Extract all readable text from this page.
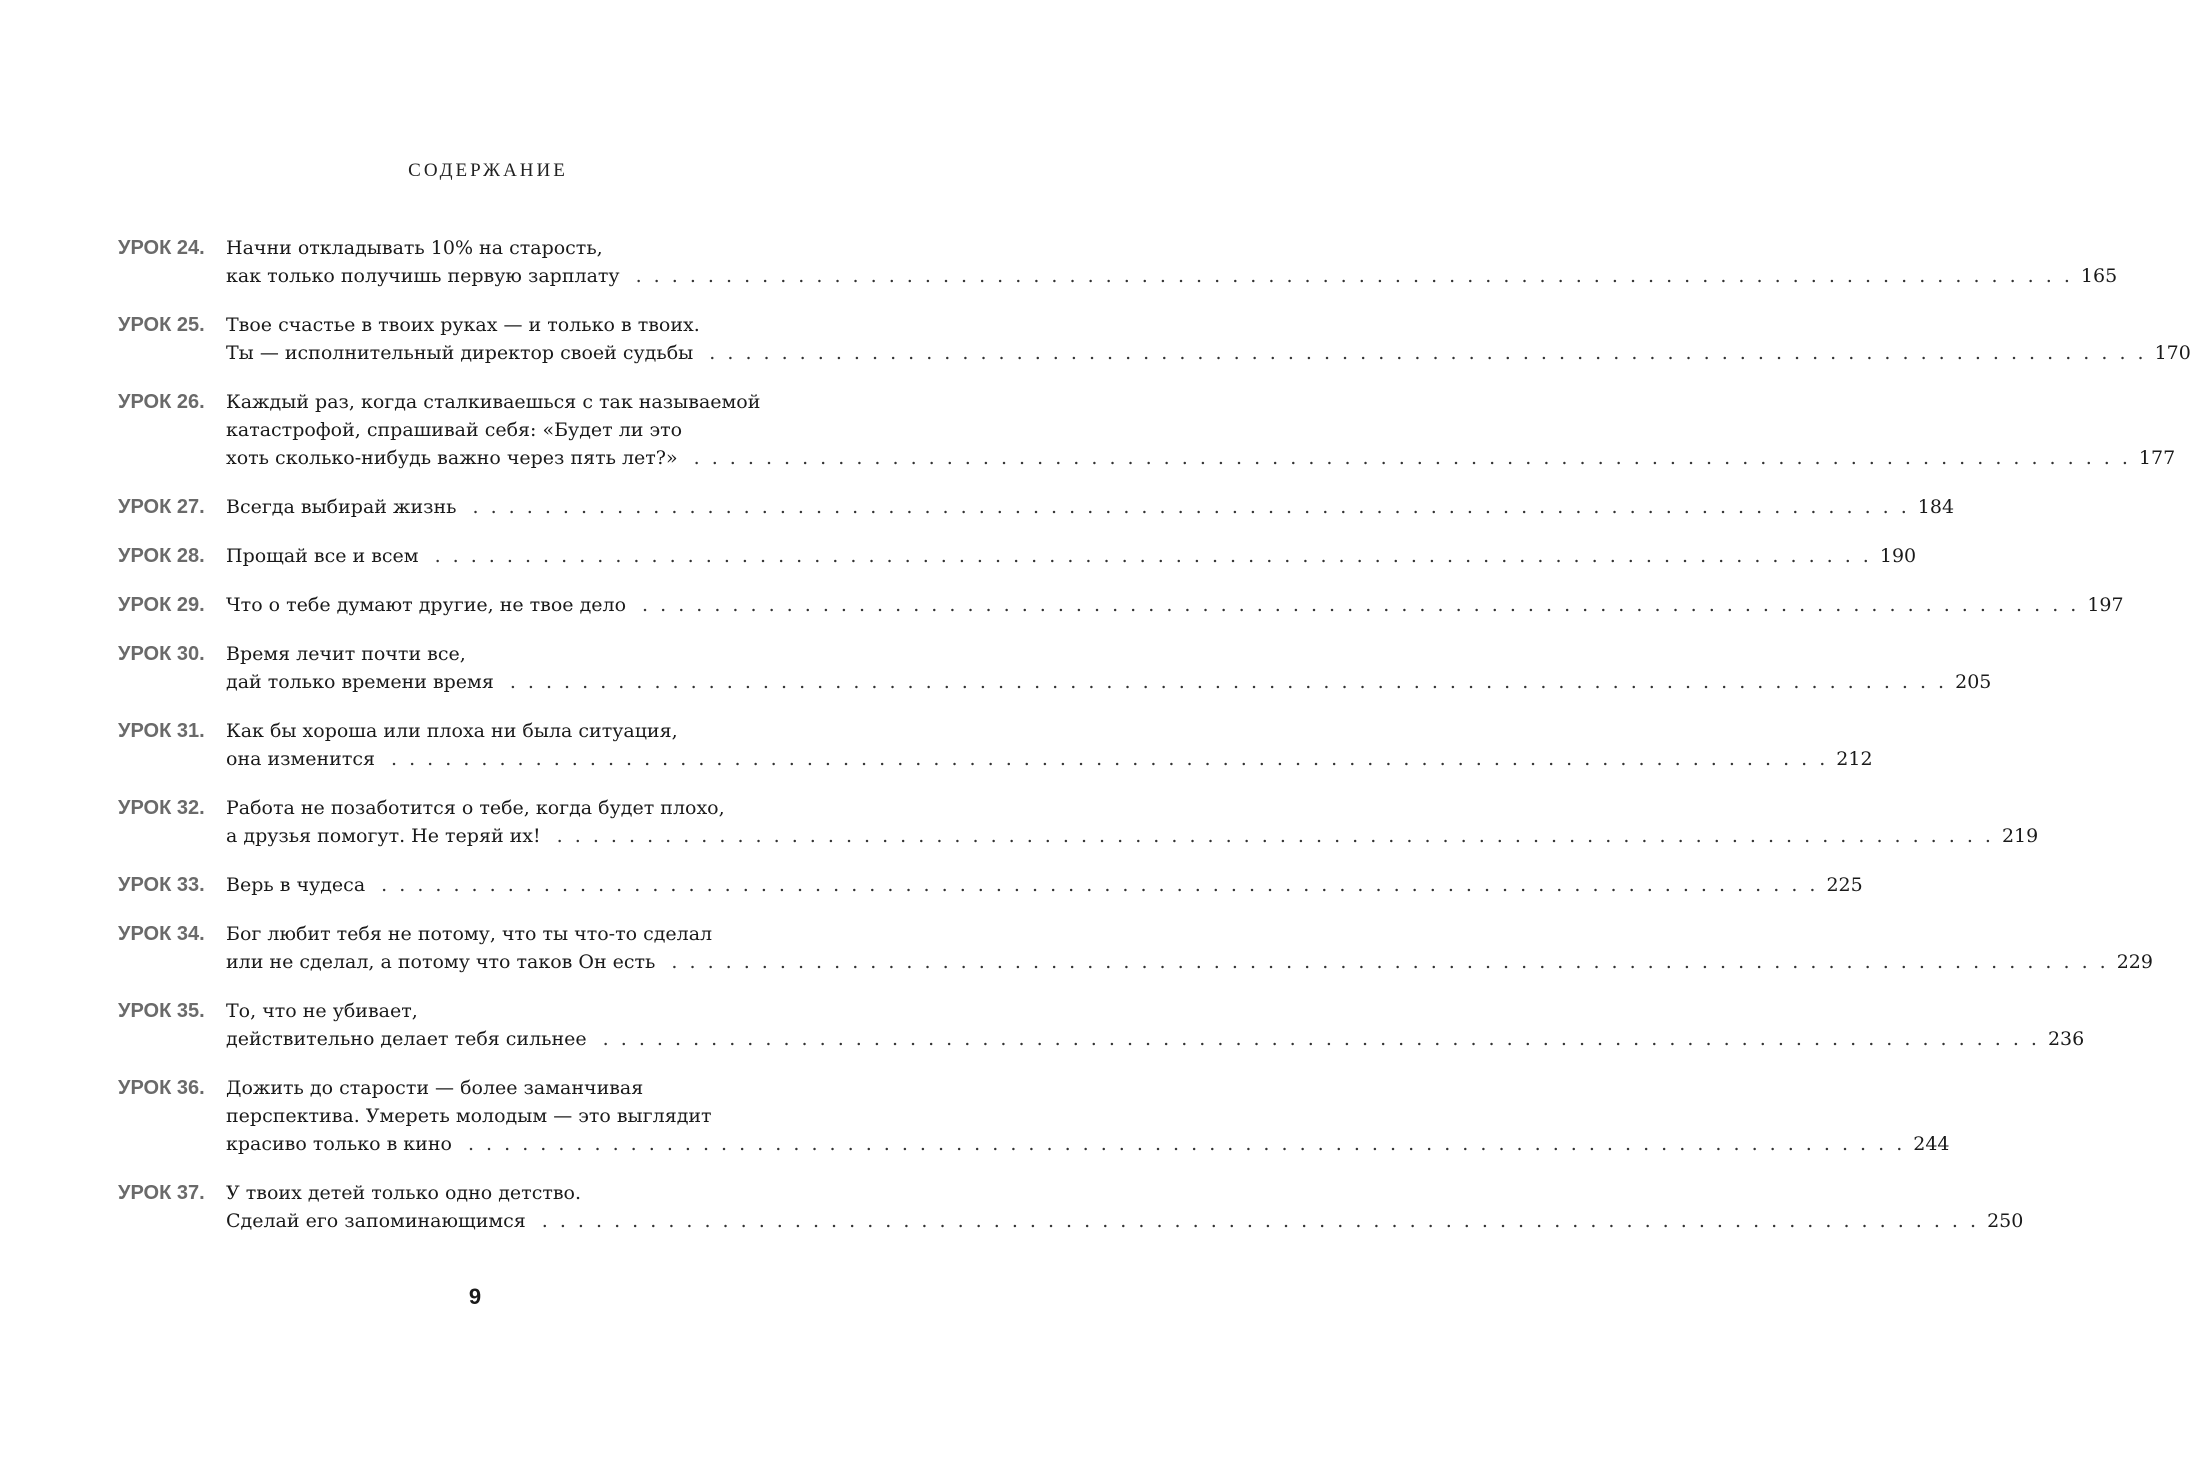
СОДЕРЖАНИЕ
УРОК 24.	Начни откладывать 10% на старость,
как только получишь первую зарплату . . . . . . . . . . . . . . . . . . . . . . . . . . . . . . . . . . . . . . . . . . . . . . . . . . . . . . . . . . . . . . . . . . . . . . . . . . . . . . . . 165
УРОК 25.	Твое счастье в твоих руках — и только в твоих.
Ты — исполнительный директор своей судьбы . . . . . . . . . . . . . . . . . . . . . . . . . . . . . . . . . . . . . . . . . . . . . . . . . . . . . . . . . . . . . . . . . . . . . . . . . . . . . . . . 170
УРОК 26.	Каждый раз, когда сталкиваешься с так называемой
катастрофой, спрашивай себя: «Будет ли это
хоть сколько-нибудь важно через пять лет?» . . . . . . . . . . . . . . . . . . . . . . . . . . . . . . . . . . . . . . . . . . . . . . . . . . . . . . . . . . . . . . . . . . . . . . . . . . . . . . . . 177
УРОК 27.	Всегда выбирай жизнь . . . . . . . . . . . . . . . . . . . . . . . . . . . . . . . . . . . . . . . . . . . . . . . . . . . . . . . . . . . . . . . . . . . . . . . . . . . . . . . . 184
УРОК 28.	Прощай все и всем . . . . . . . . . . . . . . . . . . . . . . . . . . . . . . . . . . . . . . . . . . . . . . . . . . . . . . . . . . . . . . . . . . . . . . . . . . . . . . . . 190
УРОК 29.	Что о тебе думают другие, не твое дело . . . . . . . . . . . . . . . . . . . . . . . . . . . . . . . . . . . . . . . . . . . . . . . . . . . . . . . . . . . . . . . . . . . . . . . . . . . . . . . . 197
УРОК 30.	Время лечит почти все,
дай только времени время . . . . . . . . . . . . . . . . . . . . . . . . . . . . . . . . . . . . . . . . . . . . . . . . . . . . . . . . . . . . . . . . . . . . . . . . . . . . . . . . 205
УРОК 31.	Как бы хороша или плоха ни была ситуация,
она изменится . . . . . . . . . . . . . . . . . . . . . . . . . . . . . . . . . . . . . . . . . . . . . . . . . . . . . . . . . . . . . . . . . . . . . . . . . . . . . . . . 212
УРОК 32.	Работа не позаботится о тебе, когда будет плохо,
а друзья помогут. Не теряй их! . . . . . . . . . . . . . . . . . . . . . . . . . . . . . . . . . . . . . . . . . . . . . . . . . . . . . . . . . . . . . . . . . . . . . . . . . . . . . . . . 219
УРОК 33.	Верь в чудеса . . . . . . . . . . . . . . . . . . . . . . . . . . . . . . . . . . . . . . . . . . . . . . . . . . . . . . . . . . . . . . . . . . . . . . . . . . . . . . . . 225
УРОК 34.	Бог любит тебя не потому, что ты что-то сделал
или не сделал, а потому что таков Он есть . . . . . . . . . . . . . . . . . . . . . . . . . . . . . . . . . . . . . . . . . . . . . . . . . . . . . . . . . . . . . . . . . . . . . . . . . . . . . . . . 229
УРОК 35.	То, что не убивает,
действительно делает тебя сильнее . . . . . . . . . . . . . . . . . . . . . . . . . . . . . . . . . . . . . . . . . . . . . . . . . . . . . . . . . . . . . . . . . . . . . . . . . . . . . . . . 236
УРОК 36.	Дожить до старости — более заманчивая
перспектива. Умереть молодым — это выглядит
красиво только в кино . . . . . . . . . . . . . . . . . . . . . . . . . . . . . . . . . . . . . . . . . . . . . . . . . . . . . . . . . . . . . . . . . . . . . . . . . . . . . . . . 244
УРОК 37.	У твоих детей только одно детство.
Сделай его запоминающимся . . . . . . . . . . . . . . . . . . . . . . . . . . . . . . . . . . . . . . . . . . . . . . . . . . . . . . . . . . . . . . . . . . . . . . . . . . . . . . . . 250
9
